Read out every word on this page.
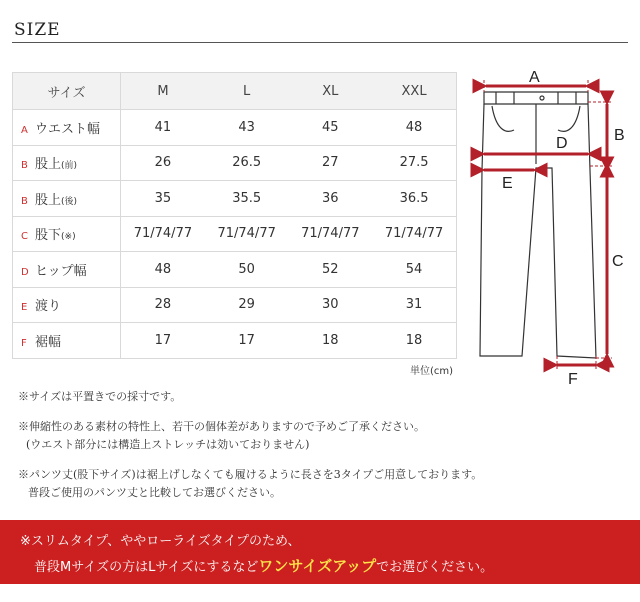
SIZE
サイズ	M	L	XL	XXL
A ウエスト幅	41	43	45	48
B 股上(前)	26	26.5	27	27.5
B 股上(後)	35	35.5	36	36.5
C 股下(※)	71/74/77	71/74/77	71/74/77	71/74/77
D ヒップ幅	48	50	52	54
E 渡り	28	29	30	31
F 裾幅	17	17	18	18
単位(cm)
A
B
D
E
C
F

※サイズは平置きでの採寸です。

※伸縮性のある素材の特性上、若干の個体差がありますので予めご了承ください。

(ウエスト部分には構造上ストレッチは効いておりません)

※パンツ丈(股下サイズ)は裾上げしなくても履けるように長さを3タイプご用意しております。

普段ご使用のパンツ丈と比較してお選びください。

※スリムタイプ、ややローライズタイプのため、
普段Mサイズの方はLサイズにするなどワンサイズアップでお選びください。
